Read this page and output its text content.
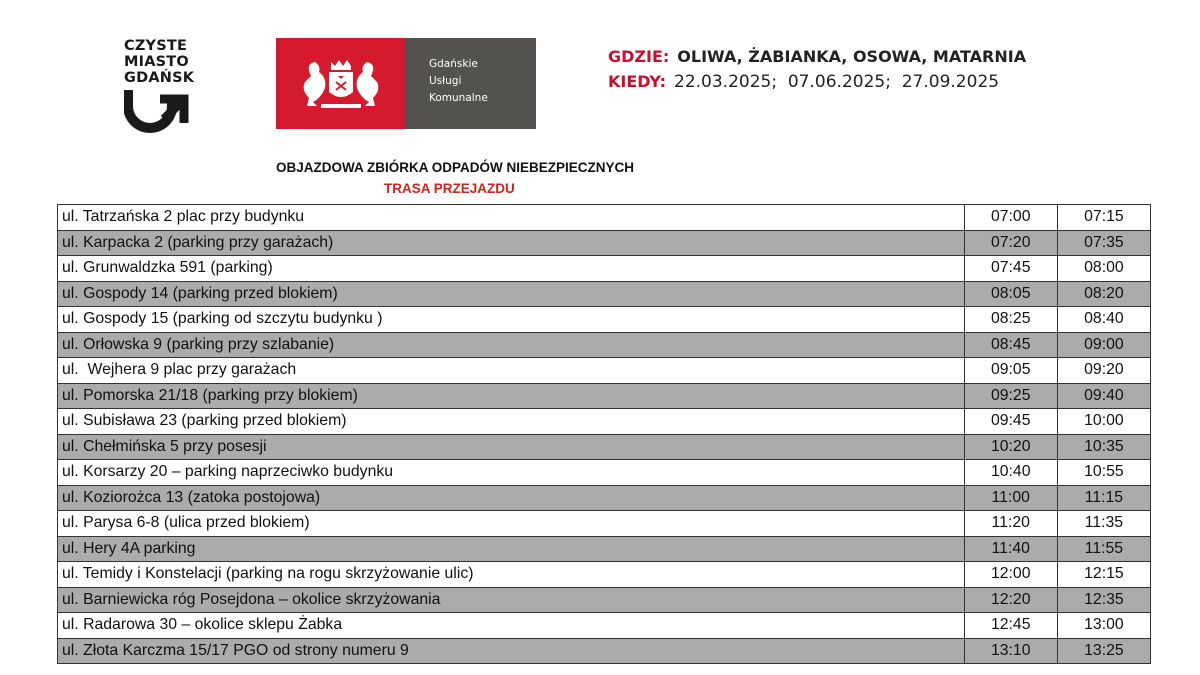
CZYSTE
MIASTO
GDAŃSK
Gdańskie
Usługi
Komunalne
GDZIE: OLIWA, ŻABIANKA, OSOWA, MATARNIA
KIEDY: 22.03.2025;  07.06.2025;  27.09.2025
OBJAZDOWA ZBIÓRKA ODPADÓW NIEBEZPIECZNYCH
TRASA PRZEJAZDU
ul. Tatrzańska 2 plac przy budynku	07:00	07:15
ul. Karpacka 2 (parking przy garażach)	07:20	07:35
ul. Grunwaldzka 591 (parking)	07:45	08:00
ul. Gospody 14 (parking przed blokiem)	08:05	08:20
ul. Gospody 15 (parking od szczytu budynku )	08:25	08:40
ul. Orłowska 9 (parking przy szlabanie)	08:45	09:00
ul.  Wejhera 9 plac przy garażach	09:05	09:20
ul. Pomorska 21/18 (parking przy blokiem)	09:25	09:40
ul. Subisława 23 (parking przed blokiem)	09:45	10:00
ul. Chełmińska 5 przy posesji	10:20	10:35
ul. Korsarzy 20 – parking naprzeciwko budynku	10:40	10:55
ul. Koziorożca 13 (zatoka postojowa)	11:00	11:15
ul. Parysa 6-8 (ulica przed blokiem)	11:20	11:35
ul. Hery 4A parking	11:40	11:55
ul. Temidy i Konstelacji (parking na rogu skrzyżowanie ulic)	12:00	12:15
ul. Barniewicka róg Posejdona – okolice skrzyżowania	12:20	12:35
ul. Radarowa 30 – okolice sklepu Żabka	12:45	13:00
ul. Złota Karczma 15/17 PGO od strony numeru 9	13:10	13:25
